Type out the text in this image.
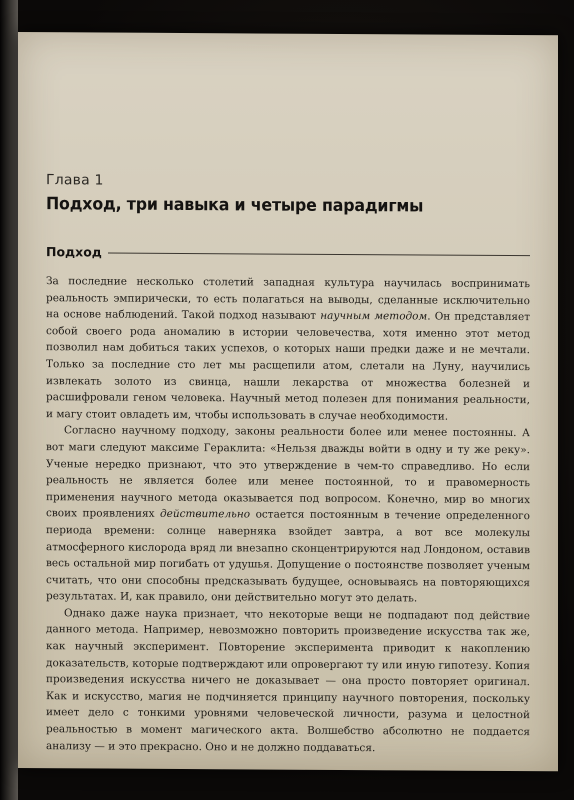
Глава 1
Подход, три навыка и четыре парадигмы
Подход

За последние несколько столетий западная культура научилась воспринимать реальность эмпирически, то есть полагаться на выводы, сделанные исключительно на основе наблюдений. Такой подход называют научным методом. Он представляет собой своего рода аномалию в истории человечества, хотя именно этот метод позволил нам добиться таких успехов, о которых наши предки даже и не мечтали. Только за последние сто лет мы расщепили атом, слетали на Луну, научились извлекать золото из свинца, нашли лекарства от множества болезней и расшифровали геном человека. Научный метод полезен для понимания реальности, и магу стоит овладеть им, чтобы использовать в случае необходимости.

Согласно научному подходу, законы реальности более или менее постоянны. А вот маги следуют максиме Гераклита: «Нельзя дважды войти в одну и ту же реку». Ученые нередко признают, что это утверждение в чем-то справедливо. Но если реальность не является более или менее постоянной, то и правомерность применения научного метода оказывается под вопросом. Конечно, мир во многих своих проявлениях действительно остается постоянным в течение определенного периода времени: солнце наверняка взойдет завтра, а вот все молекулы атмосферного кислорода вряд ли внезапно сконцентрируются над Лондоном, оставив весь остальной мир погибать от удушья. Допущение о постоянстве позволяет ученым считать, что они способны предсказывать будущее, основываясь на повторяющихся результатах. И, как правило, они действительно могут это делать.

Однако даже наука признает, что некоторые вещи не подпадают под действие данного метода. Например, невозможно повторить произведение искусства так же, как научный эксперимент. Повторение эксперимента приводит к накоплению доказательств, которые подтверждают или опровергают ту или иную гипотезу. Копия произведения искусства ничего не доказывает — она просто повторяет оригинал. Как и искусство, магия не подчиняется принципу научного повторения, поскольку имеет дело с тонкими уровнями человеческой личности, разума и целостной реальностью в момент магического акта. Волшебство абсолютно не поддается анализу — и это прекрасно. Оно и не должно поддаваться.
